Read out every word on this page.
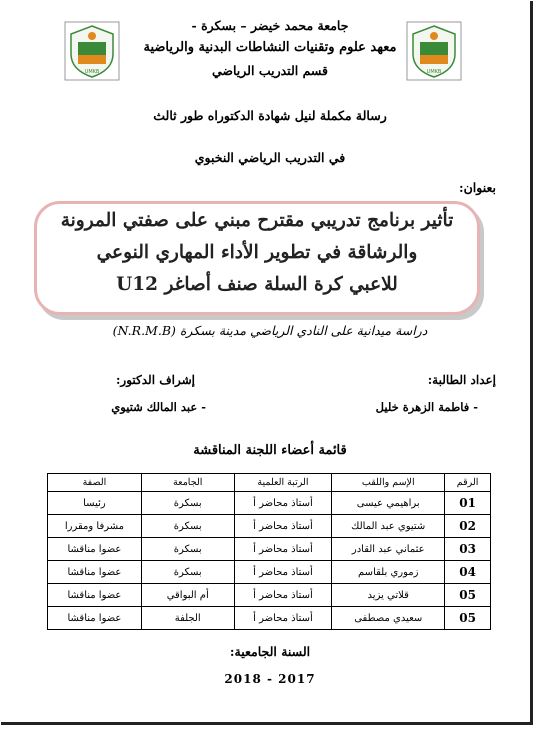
UMKB	UMKB
جامعة محمد خيضر – بسكرة -
معهد علوم وتقنيات النشاطات البدنية والرياضية
قسم التدريب الرياضي
رسالة مكملة لنيل شهادة الدكتوراه طور ثالث
في التدريب الرياضي النخبوي
بعنوان:
تأثير برنامج تدريبي مقترح مبني على صفتي المرونة
والرشاقة في تطوير الأداء المهاري النوعي
للاعبي كرة السلة صنف أصاغر U12
دراسة ميدانية على النادي الرياضي مدينة بسكرة (N.R.M.B)
إعداد الطالبة:
- فاطمة الزهرة خليل
إشراف الدكتور:
- عبد المالك شتيوي
قائمة أعضاء اللجنة المناقشة
الرقم	الإسم واللقب	الرتبة العلمية	الجامعة	الصفة
01	براهيمي عيسى	أستاذ محاضر أ	بسكرة	رئيسا
02	شتيوي عبد المالك	أستاذ محاضر أ	بسكرة	مشرفا ومقررا
03	عثماني عبد القادر	أستاذ محاضر أ	بسكرة	عضوا مناقشا
04	زموري بلقاسم	أستاذ محاضر أ	بسكرة	عضوا مناقشا
05	قلاتي يزيد	أستاذ محاضر أ	أم البواقي	عضوا مناقشا
05	سعيدي مصطفى	أستاذ محاضر أ	الجلفة	عضوا مناقشا
السنة الجامعية:
2018 - 2017
